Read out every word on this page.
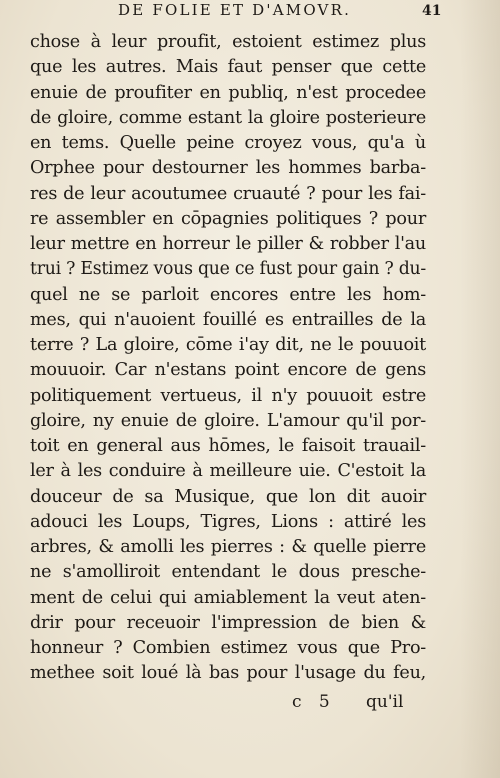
DE FOLIE ET D'AMOVR.	41
chose à leur proufit, estoient estimez plus
que les autres. Mais faut penser que cette
enuie de proufiter en publiq, n'est procedee
de gloire, comme estant la gloire posterieure
en tems. Quelle peine croyez vous, qu'a ù
Orphee pour destourner les hommes barba-
res de leur acoutumee cruauté ? pour les fai-
re assembler en cōpagnies politiques ? pour
leur mettre en horreur le piller & robber l'au
trui ? Estimez vous que ce fust pour gain ? du-
quel ne se parloit encores entre les hom-
mes, qui n'auoient fouillé es entrailles de la
terre ? La gloire, cōme i'ay dit, ne le pouuoit
mouuoir. Car n'estans point encore de gens
politiquement vertueus, il n'y pouuoit estre
gloire, ny enuie de gloire. L'amour qu'il por-
toit en general aus hōmes, le faisoit trauail-
ler à les conduire à meilleure uie. C'estoit la
douceur de sa Musique, que lon dit auoir
adouci les Loups, Tigres, Lions : attiré les
arbres, & amolli les pierres : & quelle pierre
ne s'amolliroit entendant le dous presche-
ment de celui qui amiablement la veut aten-
drir pour receuoir l'impression de bien &
honneur ? Combien estimez vous que Pro-
methee soit loué là bas pour l'usage du feu,
c 5 qu'il
